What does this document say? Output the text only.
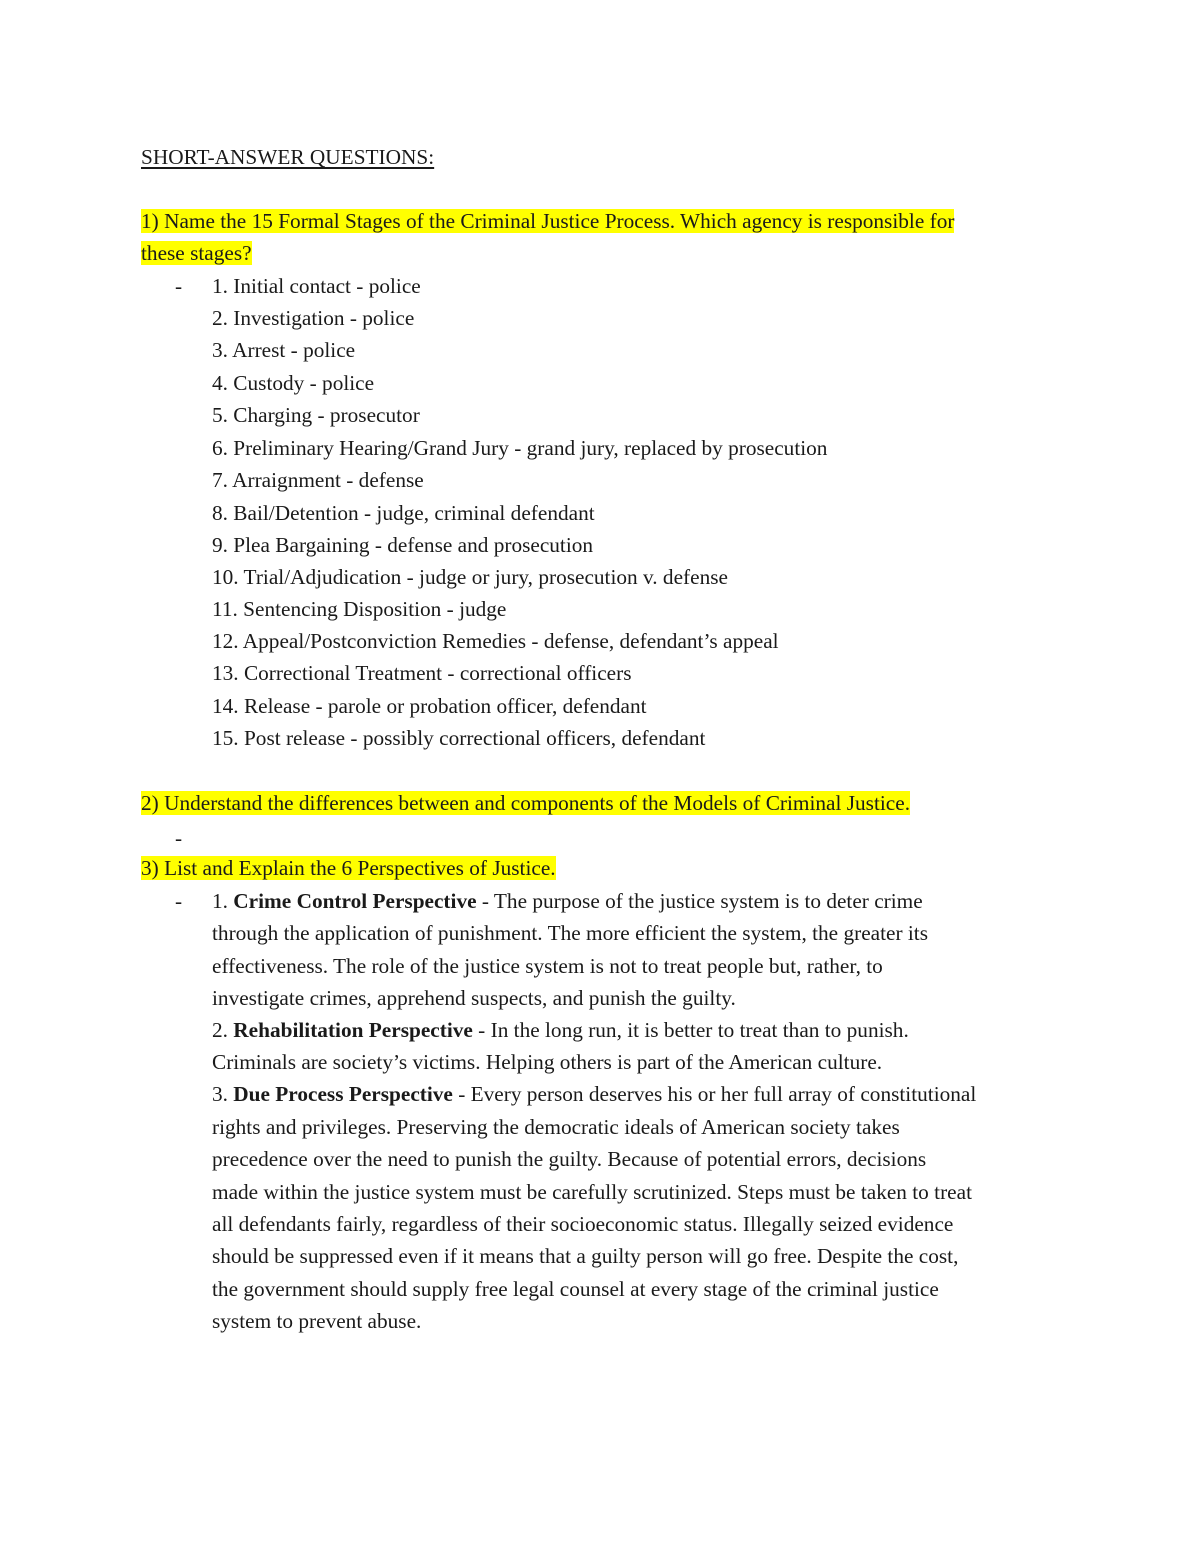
SHORT-ANSWER QUESTIONS:
1) Name the 15 Formal Stages of the Criminal Justice Process. Which agency is responsible for
these stages?
- 1. Initial contact - police
2. Investigation - police
3. Arrest - police
4. Custody - police
5. Charging - prosecutor
6. Preliminary Hearing/Grand Jury - grand jury, replaced by prosecution
7. Arraignment - defense
8. Bail/Detention - judge, criminal defendant
9. Plea Bargaining - defense and prosecution
10. Trial/Adjudication - judge or jury, prosecution v. defense
11. Sentencing Disposition - judge
12. Appeal/Postconviction Remedies - defense, defendant’s appeal
13. Correctional Treatment - correctional officers
14. Release - parole or probation officer, defendant
15. Post release - possibly correctional officers, defendant
2) Understand the differences between and components of the Models of Criminal Justice.
-
3) List and Explain the 6 Perspectives of Justice.
- 1. Crime Control Perspective - The purpose of the justice system is to deter crime
through the application of punishment. The more efficient the system, the greater its
effectiveness. The role of the justice system is not to treat people but, rather, to
investigate crimes, apprehend suspects, and punish the guilty.
2. Rehabilitation Perspective - In the long run, it is better to treat than to punish.
Criminals are society’s victims. Helping others is part of the American culture.
3. Due Process Perspective - Every person deserves his or her full array of constitutional
rights and privileges. Preserving the democratic ideals of American society takes
precedence over the need to punish the guilty. Because of potential errors, decisions
made within the justice system must be carefully scrutinized. Steps must be taken to treat
all defendants fairly, regardless of their socioeconomic status. Illegally seized evidence
should be suppressed even if it means that a guilty person will go free. Despite the cost,
the government should supply free legal counsel at every stage of the criminal justice
system to prevent abuse.
